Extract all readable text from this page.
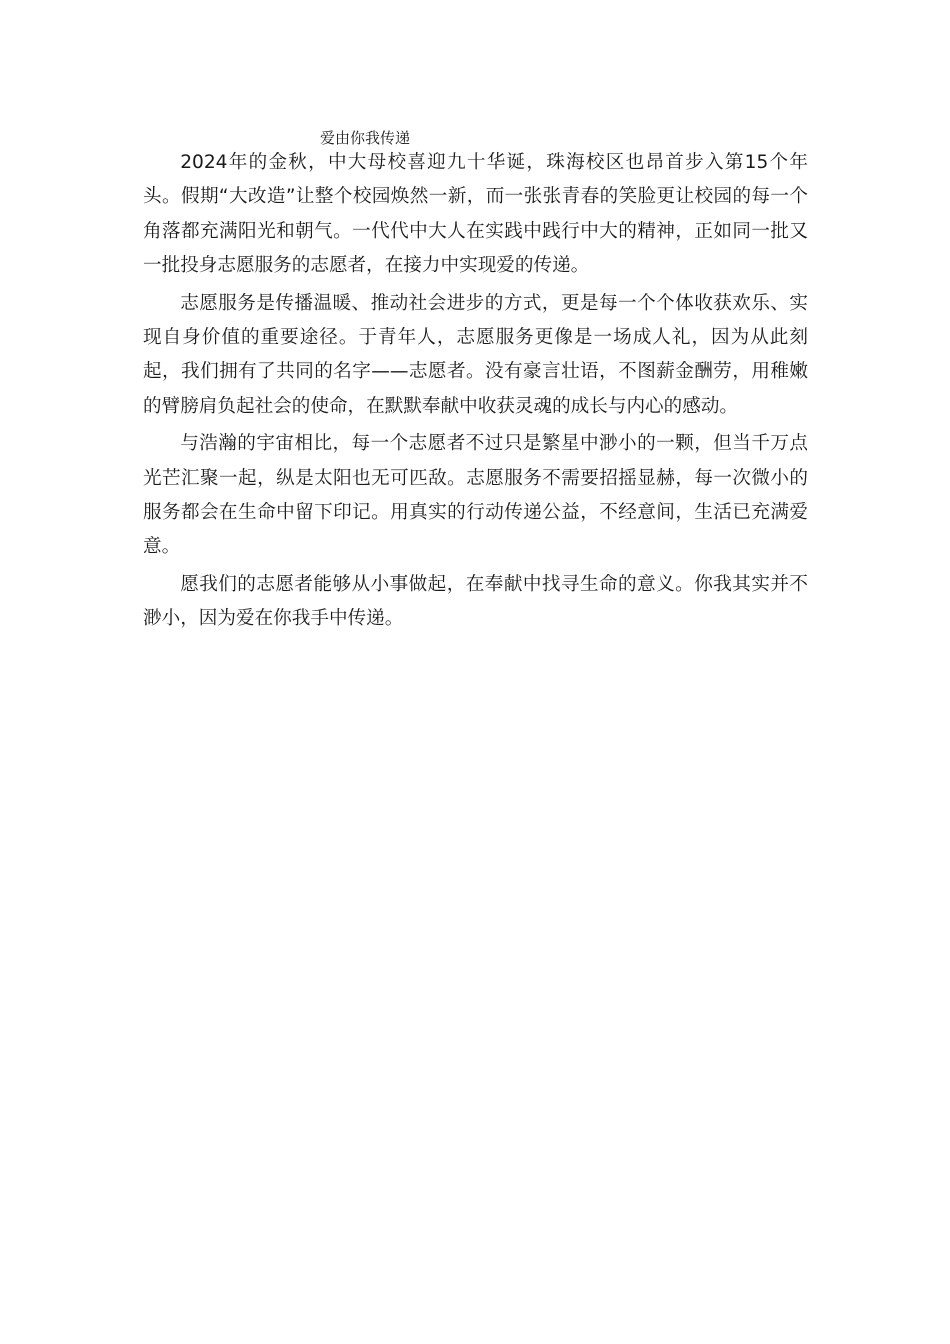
爱由你我传递

2024年的金秋，中大母校喜迎九十华诞，珠海校区也昂首步入第15个年头。假期“大改造”让整个校园焕然一新，而一张张青春的笑脸更让校园的每一个角落都充满阳光和朝气。一代代中大人在实践中践行中大的精神，正如同一批又一批投身志愿服务的志愿者，在接力中实现爱的传递。

志愿服务是传播温暖、推动社会进步的方式，更是每一个个体收获欢乐、实现自身价值的重要途径。于青年人，志愿服务更像是一场成人礼，因为从此刻起，我们拥有了共同的名字——志愿者。没有豪言壮语，不图薪金酬劳，用稚嫩的臂膀肩负起社会的使命，在默默奉献中收获灵魂的成长与内心的感动。

与浩瀚的宇宙相比，每一个志愿者不过只是繁星中渺小的一颗，但当千万点光芒汇聚一起，纵是太阳也无可匹敌。志愿服务不需要招摇显赫，每一次微小的服务都会在生命中留下印记。用真实的行动传递公益，不经意间，生活已充满爱意。

愿我们的志愿者能够从小事做起，在奉献中找寻生命的意义。你我其实并不渺小，因为爱在你我手中传递。
